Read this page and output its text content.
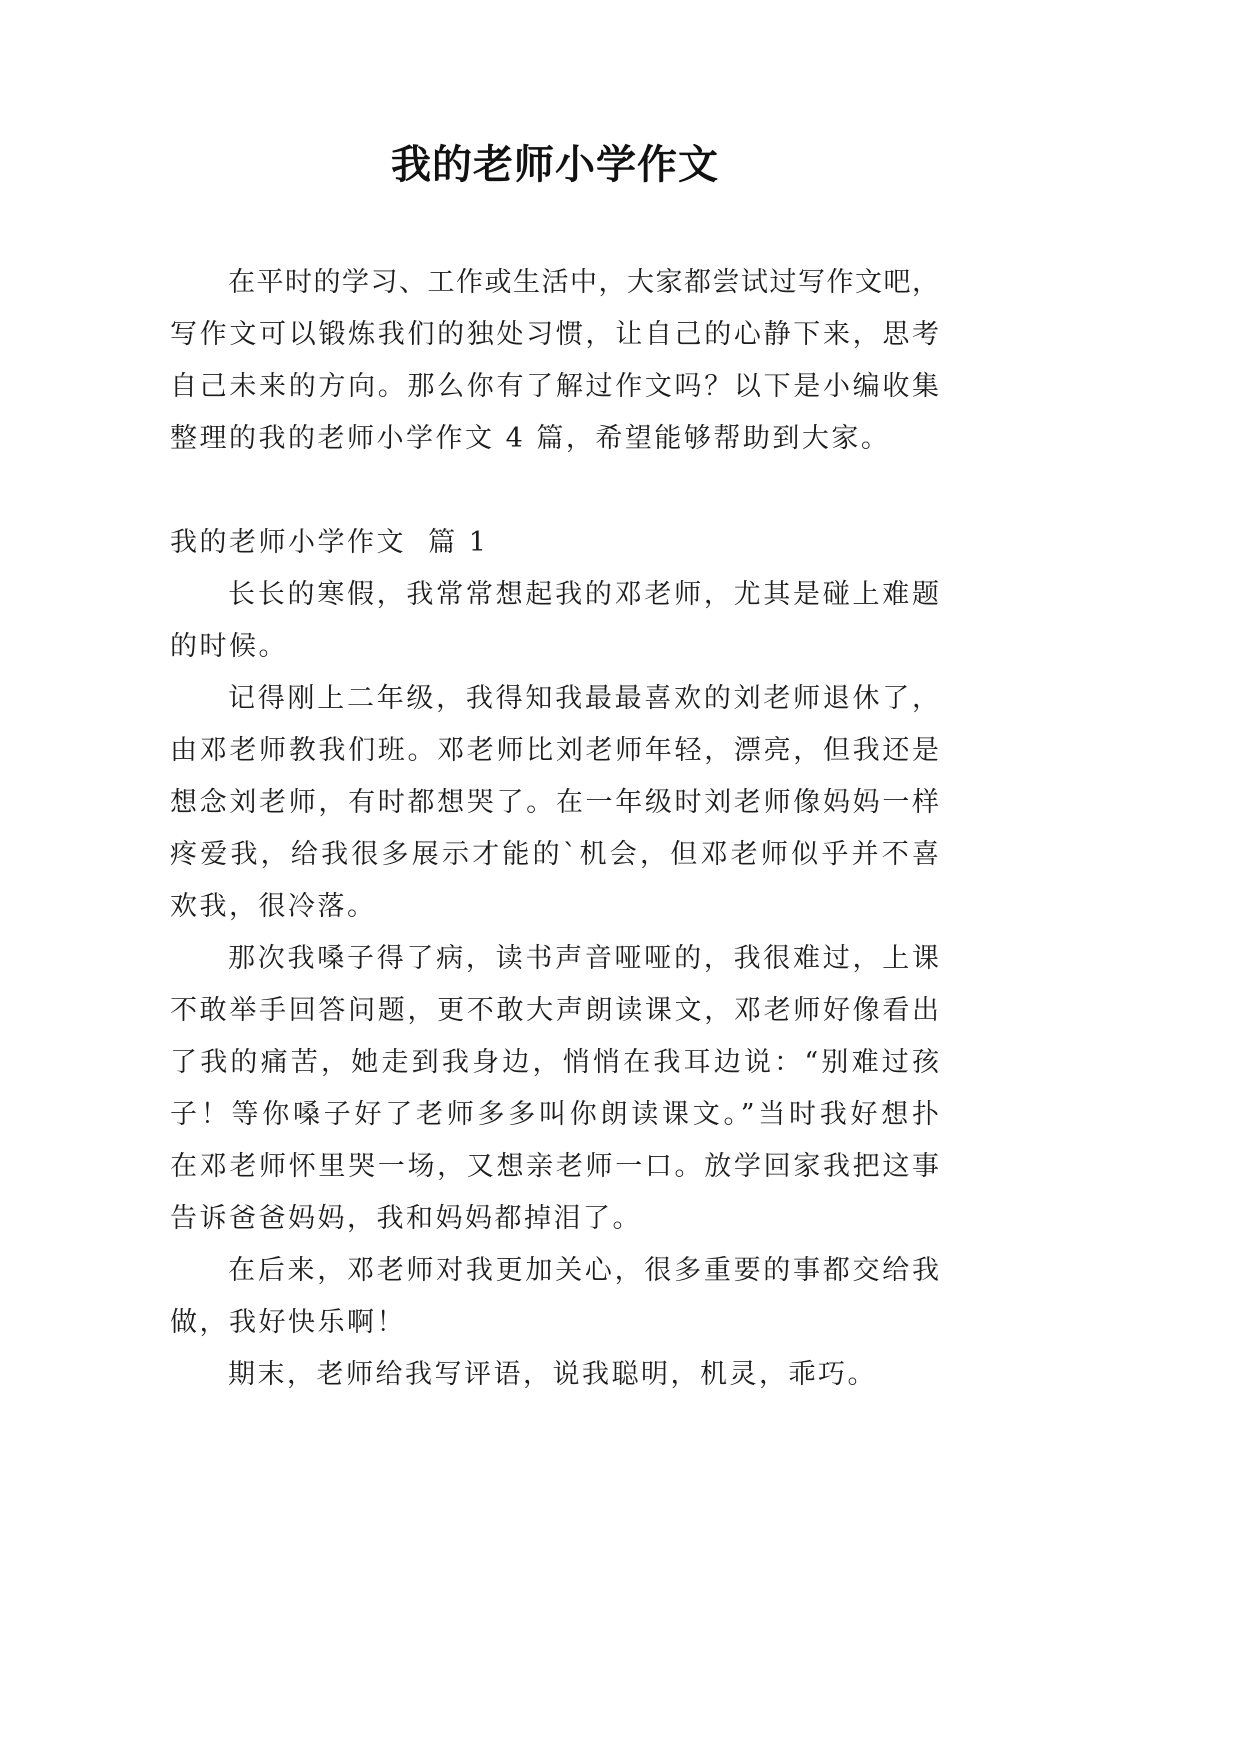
我的老师小学作文
在平时的学习、工作或生活中，大家都尝试过写作文吧，
写作文可以锻炼我们的独处习惯，让自己的心静下来，思考
自己未来的方向。那么你有了解过作文吗？以下是小编收集
整理的我的老师小学作文 4 篇，希望能够帮助到大家。
我的老师小学作文  篇 1
长长的寒假，我常常想起我的邓老师，尤其是碰上难题
的时候。
记得刚上二年级，我得知我最最喜欢的刘老师退休了，
由邓老师教我们班。邓老师比刘老师年轻，漂亮，但我还是
想念刘老师，有时都想哭了。在一年级时刘老师像妈妈一样
疼爱我，给我很多展示才能的`机会，但邓老师似乎并不喜
欢我，很冷落。
那次我嗓子得了病，读书声音哑哑的，我很难过，上课
不敢举手回答问题，更不敢大声朗读课文，邓老师好像看出
了我的痛苦，她走到我身边，悄悄在我耳边说：“别难过孩
子！等你嗓子好了老师多多叫你朗读课文。”当时我好想扑
在邓老师怀里哭一场，又想亲老师一口。放学回家我把这事
告诉爸爸妈妈，我和妈妈都掉泪了。
在后来，邓老师对我更加关心，很多重要的事都交给我
做，我好快乐啊！
期末，老师给我写评语，说我聪明，机灵，乖巧。
